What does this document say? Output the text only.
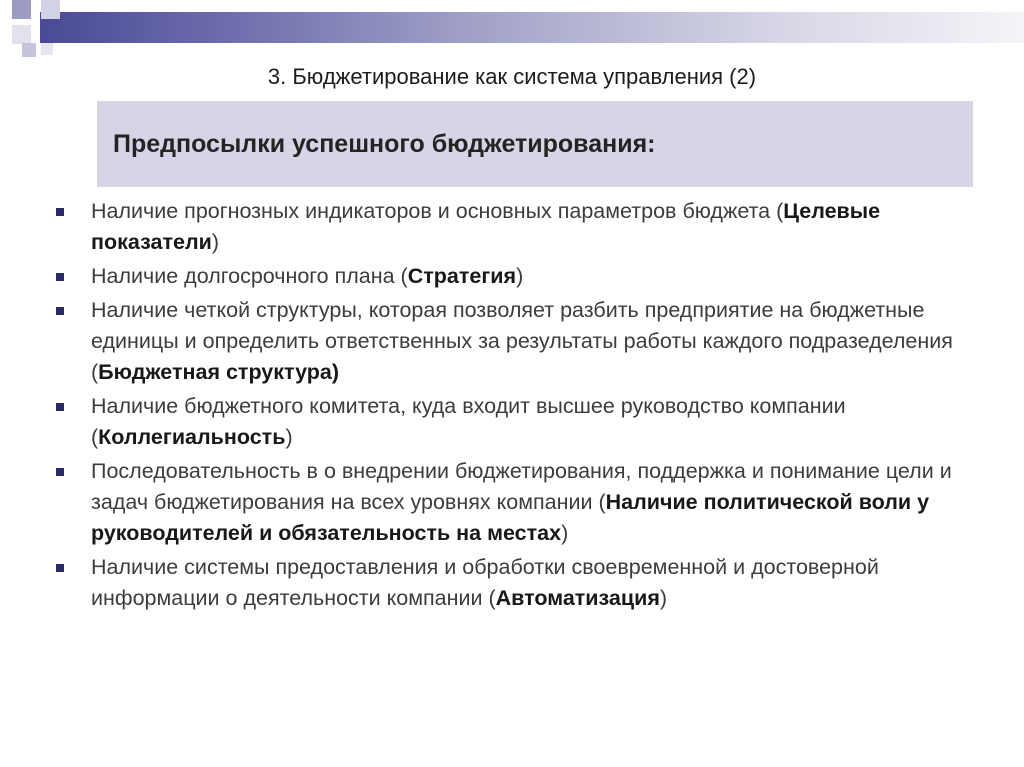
3. Бюджетирование как система управления (2)
Предпосылки успешного бюджетирования:
Наличие прогнозных индикаторов и основных параметров бюджета (Целевые показатели)
Наличие долгосрочного плана (Стратегия)
Наличие четкой структуры, которая позволяет разбить предприятие на бюджетные единицы и определить ответственных за результаты работы каждого подразеделения (Бюджетная структура)
Наличие бюджетного комитета, куда входит высшее руководство компании (Коллегиальность)
Последовательность в о внедрении бюджетирования, поддержка и понимание цели и задач бюджетирования на всех уровнях компании (Наличие политической воли у руководителей и обязательность на местах)
Наличие системы предоставления и обработки своевременной и достоверной информации о деятельности компании (Автоматизация)
